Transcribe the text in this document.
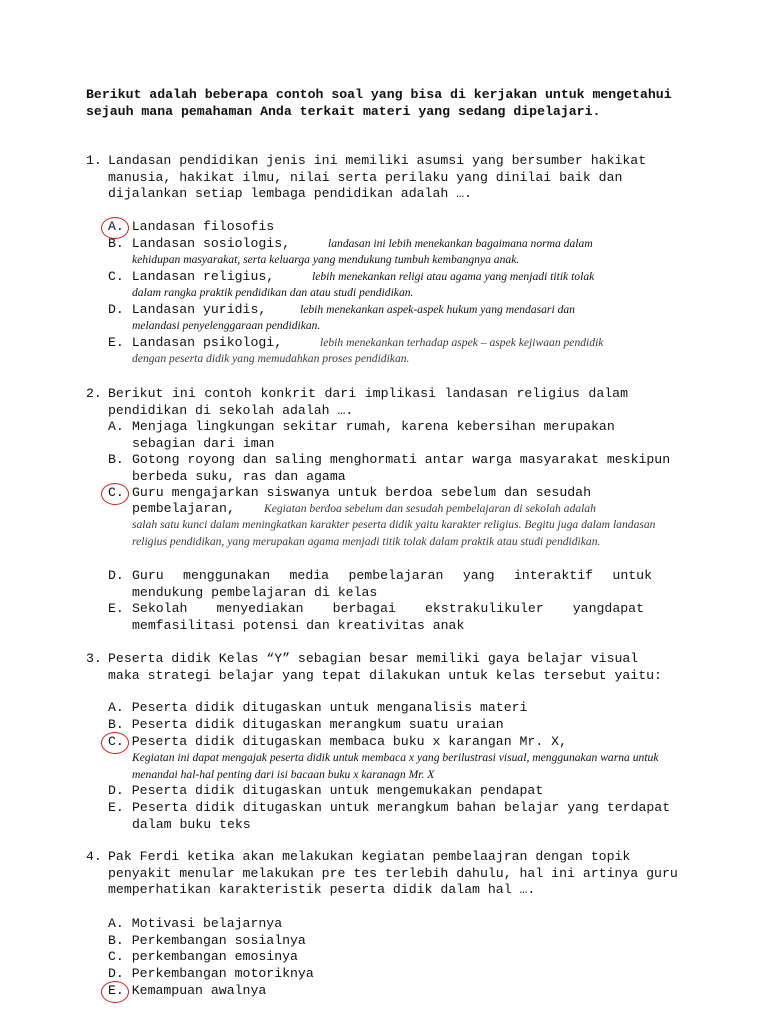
Berikut adalah beberapa contoh soal yang bisa di kerjakan untuk mengetahui sejauh mana pemahaman Anda terkait materi yang sedang dipelajari.
1. Landasan pendidikan jenis ini memiliki asumsi yang bersumber hakikat manusia, hakikat ilmu, nilai serta perilaku yang dinilai baik dan dijalankan setiap lembaga pendidikan adalah ….
A. Landasan filosofis
B. Landasan sosiologis,	landasan ini lebih menekankan bagaimana norma dalam
kehidupan masyarakat, serta keluarga yang mendukung tumbuh kembangnya anak.
C. Landasan religius,	lebih menekankan religi atau agama yang menjadi titik tolak
dalam rangka praktik pendidikan dan atau studi pendidikan.
D. Landasan yuridis,	lebih menekankan aspek-aspek hukum yang mendasari dan
melandasi penyelenggaraan pendidikan.
E. Landasan psikologi,	lebih menekankan terhadap aspek – aspek kejiwaan pendidik
dengan peserta didik yang memudahkan proses pendidikan.
2. Berikut ini contoh konkrit dari implikasi landasan religius dalam pendidikan di sekolah adalah ….
A. Menjaga lingkungan sekitar rumah, karena kebersihan merupakan sebagian dari iman
B. Gotong royong dan saling menghormati antar warga masyarakat meskipun berbeda suku, ras dan agama
C. Guru mengajarkan siswanya untuk berdoa sebelum dan sesudah
pembelajaran,	Kegiatan berdoa sebelum dan sesudah pembelajaran di sekolah adalah
salah satu kunci dalam meningkatkan karakter peserta didik yaitu karakter religius. Begitu juga dalam landasan religius pendidikan, yang merupakan agama menjadi titik tolak dalam praktik atau studi pendidikan.
D. Guru menggunakan media pembelajaran yang interaktif untuk mendukung pembelajaran di kelas
E. Sekolah menyediakan berbagai ekstrakulikuler yangdapat memfasilitasi potensi dan kreativitas anak
3. Peserta didik Kelas “Y” sebagian besar memiliki gaya belajar visual maka strategi belajar yang tepat dilakukan untuk kelas tersebut yaitu:
A. Peserta didik ditugaskan untuk menganalisis materi
B. Peserta didik ditugaskan merangkum suatu uraian
C. Peserta didik ditugaskan membaca buku x karangan Mr. X,
Kegiatan ini dapat mengajak peserta didik untuk membaca x yang berilustrasi visual, menggunakan warna untuk menandai hal-hal penting dari isi bacaan buku x karanagn Mr. X
D. Peserta didik ditugaskan untuk mengemukakan pendapat
E. Peserta didik ditugaskan untuk merangkum bahan belajar yang terdapat dalam buku teks
4. Pak Ferdi ketika akan melakukan kegiatan pembelaajran dengan topik penyakit menular melakukan pre tes terlebih dahulu, hal ini artinya guru memperhatikan karakteristik peserta didik dalam hal ….
A. Motivasi belajarnya
B. Perkembangan sosialnya
C. perkembangan emosinya
D. Perkembangan motoriknya
E. Kemampuan awalnya
